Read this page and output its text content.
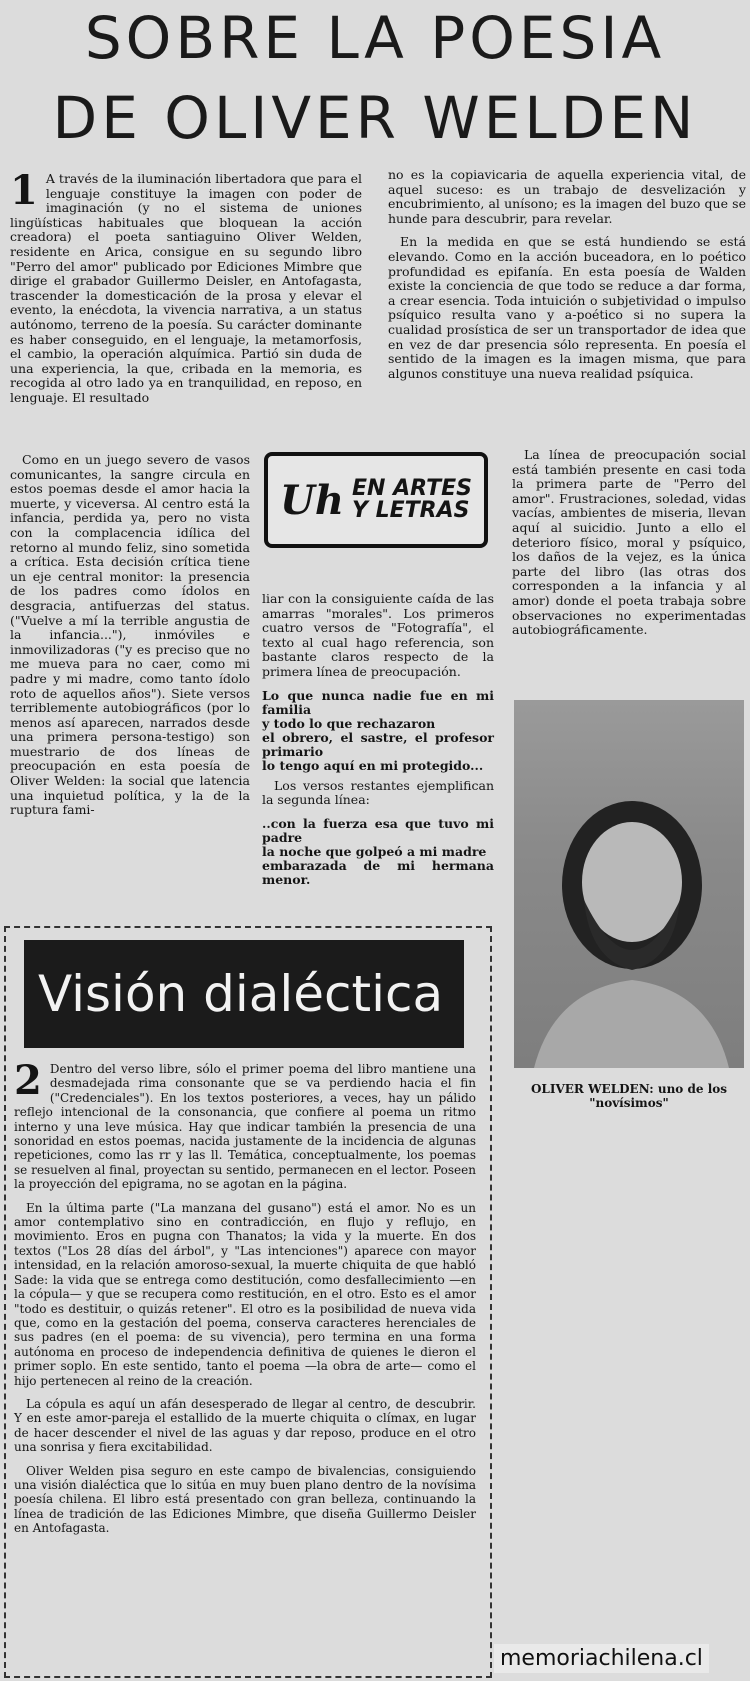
SOBRE LA POESIA
DE OLIVER WELDEN

1 A través de la iluminación libertadora que para el lenguaje constituye la imagen con poder de imaginación (y no el sistema de uniones lingüísticas habituales que bloquean la acción creadora) el poeta santiaguino Oliver Welden, residente en Arica, consigue en su segundo libro "Perro del amor" publicado por Ediciones Mimbre que dirige el grabador Guillermo Deisler, en Antofagasta, trascender la domesticación de la prosa y elevar el evento, la enécdota, la vivencia narrativa, a un status autónomo, terreno de la poesía. Su carácter dominante es haber conseguido, en el lenguaje, la metamorfosis, el cambio, la operación alquímica. Partió sin duda de una experiencia, la que, cribada en la memoria, es recogida al otro lado ya en tranquilidad, en reposo, en lenguaje. El resultado

no es la copiavicaria de aquella experiencia vital, de aquel suceso: es un trabajo de desvelización y encubrimiento, al unísono; es la imagen del buzo que se hunde para descubrir, para revelar.

En la medida en que se está hundiendo se está elevando. Como en la acción buceadora, en lo poético profundidad es epifanía. En esta poesía de Walden existe la conciencia de que todo se reduce a dar forma, a crear esencia. Toda intuición o subjetividad o impulso psíquico resulta vano y a-poético si no supera la cualidad prosística de ser un transportador de idea que en vez de dar presencia sólo representa. En poesía el sentido de la imagen es la imagen misma, que para algunos constituye una nueva realidad psíquica.

Como en un juego severo de vasos comunicantes, la sangre circula en estos poemas desde el amor hacia la muerte, y viceversa. Al centro está la infancia, perdida ya, pero no vista con la complacencia idílica del retorno al mundo feliz, sino sometida a crítica. Esta decisión crítica tiene un eje central monitor: la presencia de los padres como ídolos en desgracia, antifuerzas del status. ("Vuelve a mí la terrible angustia de la infancia..."), inmóviles e inmovilizadoras ("y es preciso que no me mueva para no caer, como mi padre y mi madre, como tanto ídolo roto de aquellos años"). Siete versos terriblemente autobiográficos (por lo menos así aparecen, narrados desde una primera persona-testigo) son muestrario de dos líneas de preocupación en esta poesía de Oliver Welden: la social que latencia una inquietud política, y la de la ruptura fami-

Uh EN ARTES
Y LETRAS

liar con la consiguiente caída de las amarras "morales". Los primeros cuatro versos de "Fotografía", el texto al cual hago referencia, son bastante claros respecto de la primera línea de preocupación.

Lo que nunca nadie fue en mi familia
y todo lo que rechazaron
el obrero, el sastre, el profesor primario
lo tengo aquí en mi protegido...

Los versos restantes ejemplifican la segunda línea:

..con la fuerza esa que tuvo mi padre
la noche que golpeó a mi madre
embarazada de mi hermana menor.

La línea de preocupación social está también presente en casi toda la primera parte de "Perro del amor". Frustraciones, soledad, vidas vacías, ambientes de miseria, llevan aquí al suicidio. Junto a ello el deterioro físico, moral y psíquico, los daños de la vejez, es la única parte del libro (las otras dos corresponden a la infancia y al amor) donde el poeta trabaja sobre observaciones no experimentadas autobiográficamente.

OLIVER WELDEN: uno de los "novísimos"
Visión dialéctica

2 Dentro del verso libre, sólo el primer poema del libro mantiene una desmadejada rima consonante que se va perdiendo hacia el fin ("Credenciales"). En los textos posteriores, a veces, hay un pálido reflejo intencional de la consonancia, que confiere al poema un ritmo interno y una leve música. Hay que indicar también la presencia de una sonoridad en estos poemas, nacida justamente de la incidencia de algunas repeticiones, como las rr y las ll. Temática, conceptualmente, los poemas se resuelven al final, proyectan su sentido, permanecen en el lector. Poseen la proyección del epigrama, no se agotan en la página.

En la última parte ("La manzana del gusano") está el amor. No es un amor contemplativo sino en contradicción, en flujo y reflujo, en movimiento. Eros en pugna con Thanatos; la vida y la muerte. En dos textos ("Los 28 días del árbol", y "Las intenciones") aparece con mayor intensidad, en la relación amoroso-sexual, la muerte chiquita de que habló Sade: la vida que se entrega como destitución, como desfallecimiento —en la cópula— y que se recupera como restitución, en el otro. Esto es el amor "todo es destituir, o quizás retener". El otro es la posibilidad de nueva vida que, como en la gestación del poema, conserva caracteres herenciales de sus padres (en el poema: de su vivencia), pero termina en una forma autónoma en proceso de independencia definitiva de quienes le dieron el primer soplo. En este sentido, tanto el poema —la obra de arte— como el hijo pertenecen al reino de la creación.

La cópula es aquí un afán desesperado de llegar al centro, de descubrir. Y en este amor-pareja el estallido de la muerte chiquita o clímax, en lugar de hacer descender el nivel de las aguas y dar reposo, produce en el otro una sonrisa y fiera excitabilidad.

Oliver Welden pisa seguro en este campo de bivalencias, consiguiendo una visión dialéctica que lo sitúa en muy buen plano dentro de la novísima poesía chilena. El libro está presentado con gran belleza, continuando la línea de tradición de las Ediciones Mimbre, que diseña Guillermo Deisler en Antofagasta.

memoriachilena.cl
